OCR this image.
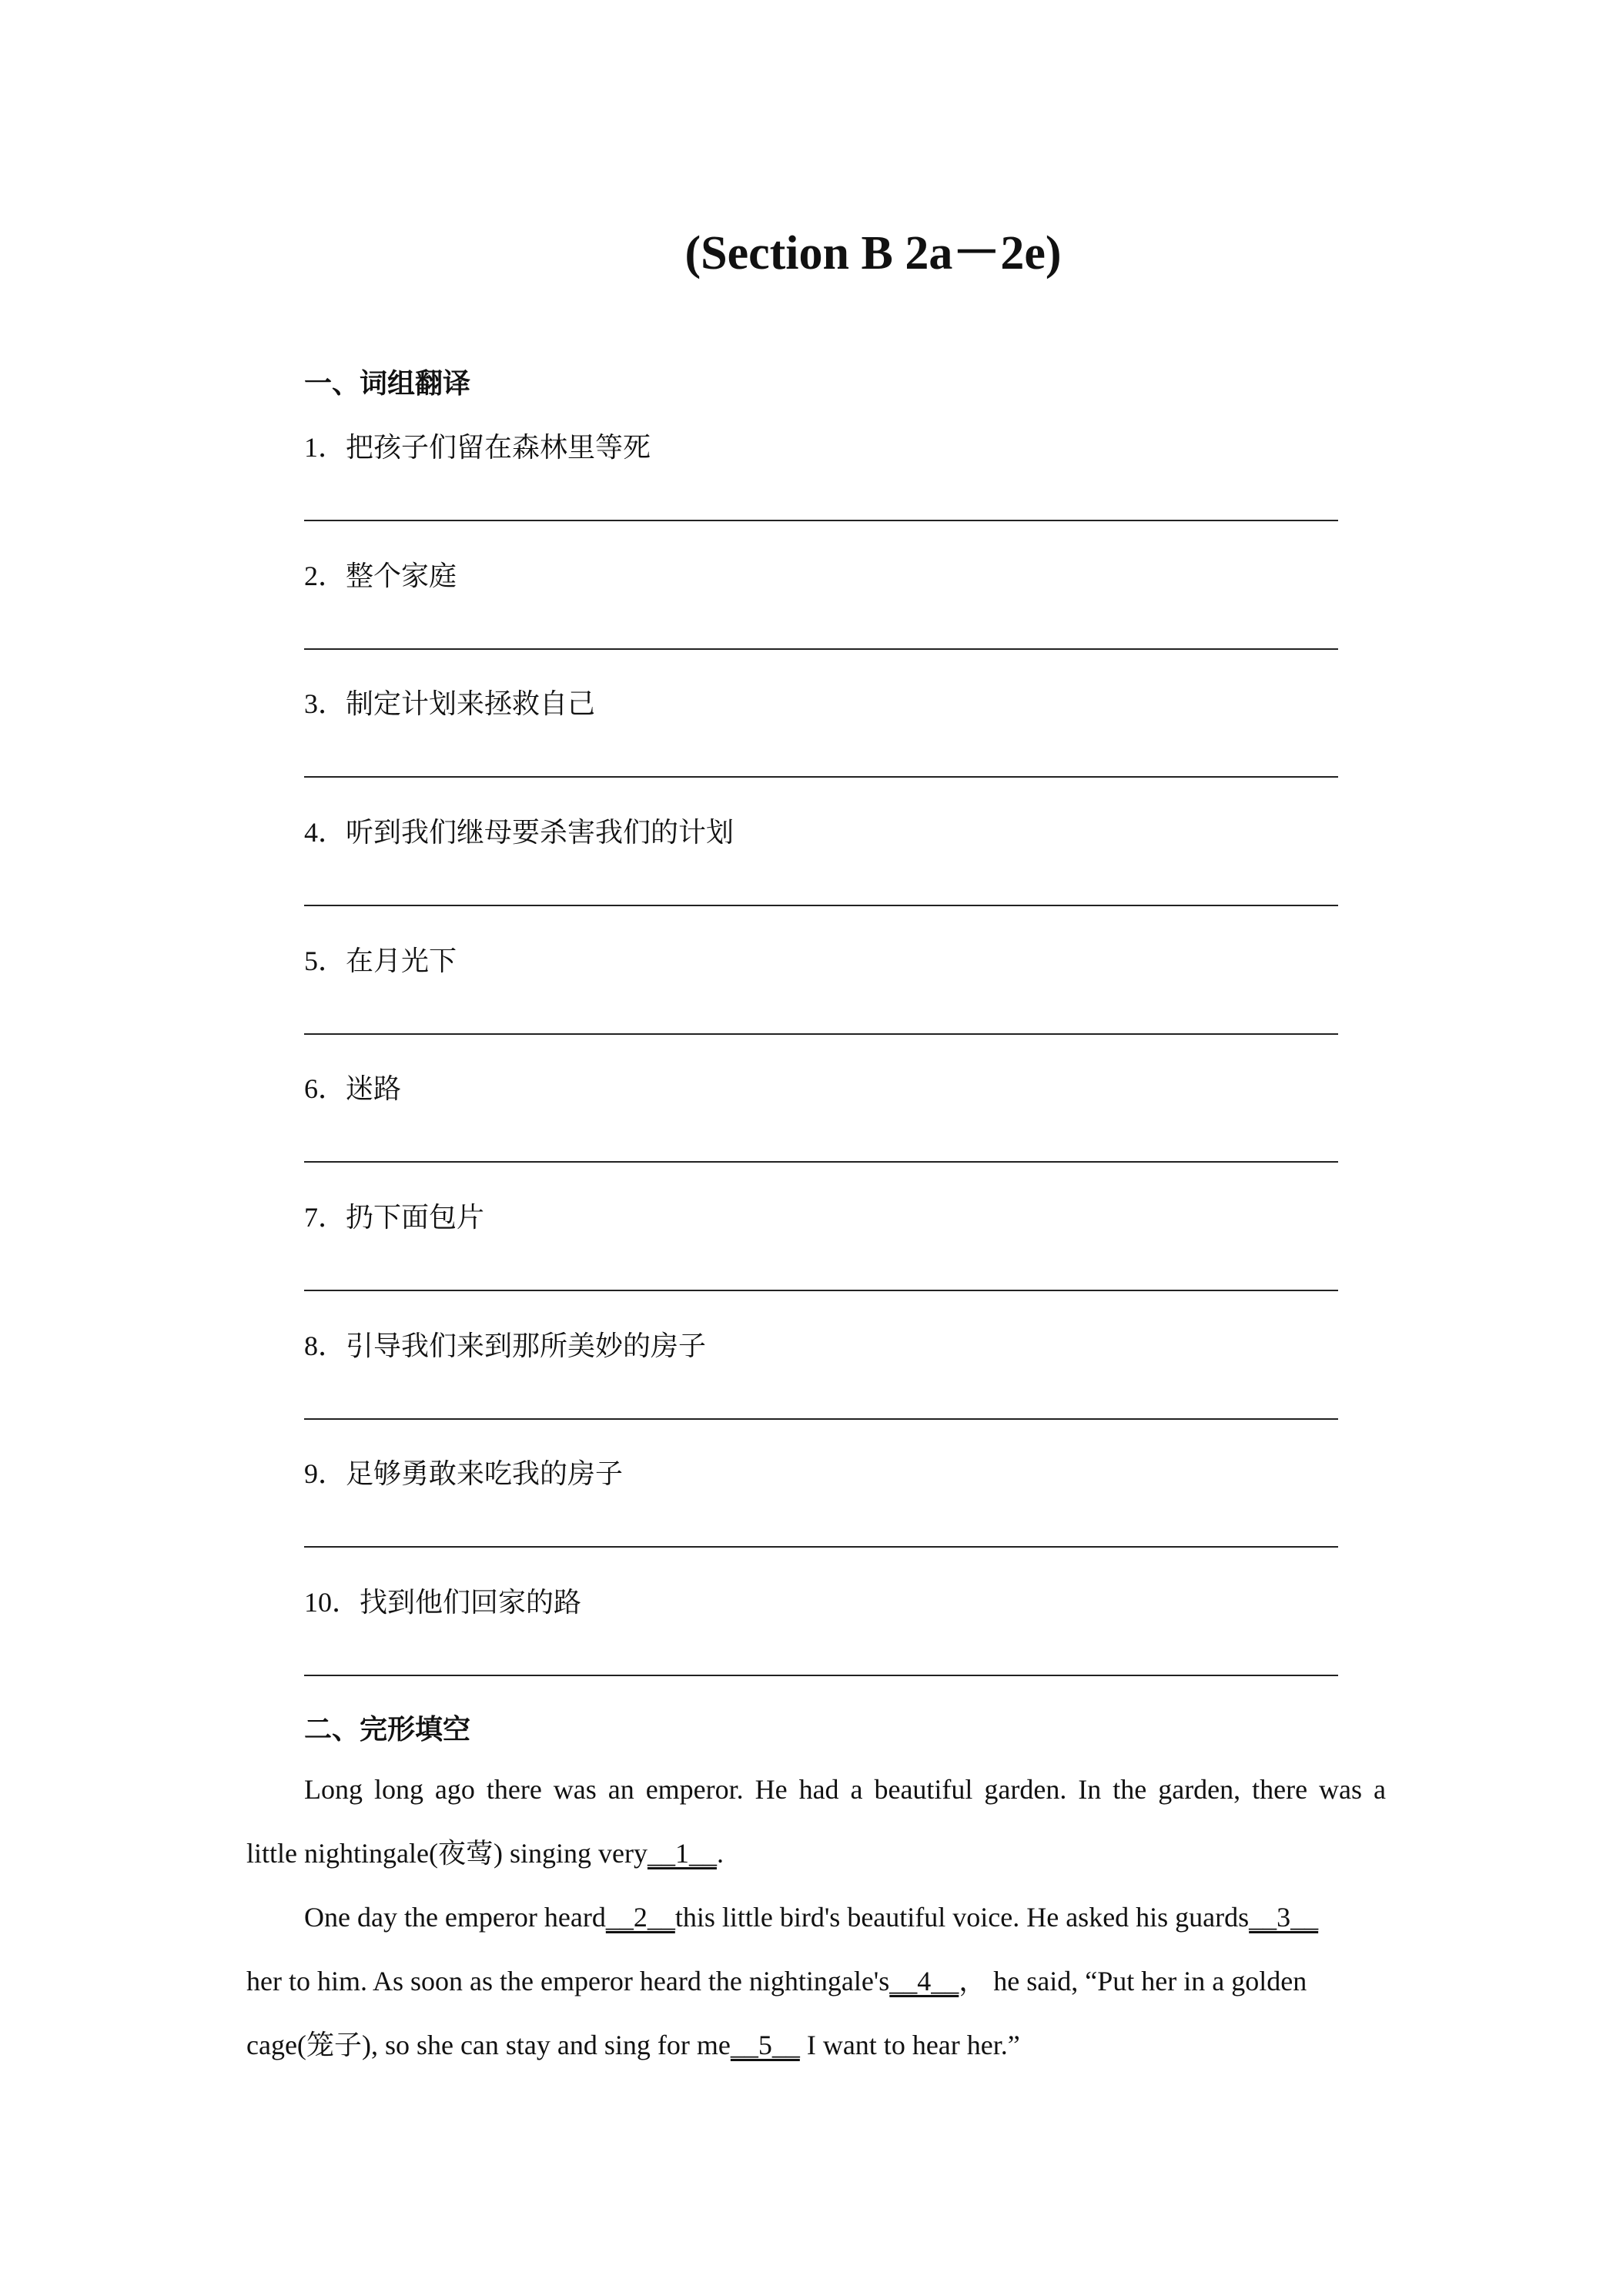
(Section B 2a－2e)
一、词组翻译
1．把孩子们留在森林里等死
2．整个家庭
3．制定计划来拯救自己
4．听到我们继母要杀害我们的计划
5．在月光下
6．迷路
7．扔下面包片
8．引导我们来到那所美妙的房子
9．足够勇敢来吃我的房子
10．找到他们回家的路
二、完形填空
Long long ago there was an emperor. He had a beautiful garden. In the garden, there was a
little nightingale(夜莺) singing very__1__.
One day the emperor heard__2__this little bird's beautiful voice. He asked his guards__3__
her to him. As soon as the emperor heard the nightingale's__4__， he said, “Put her in a golden
cage(笼子), so she can stay and sing for me__5__ I want to hear her.”
